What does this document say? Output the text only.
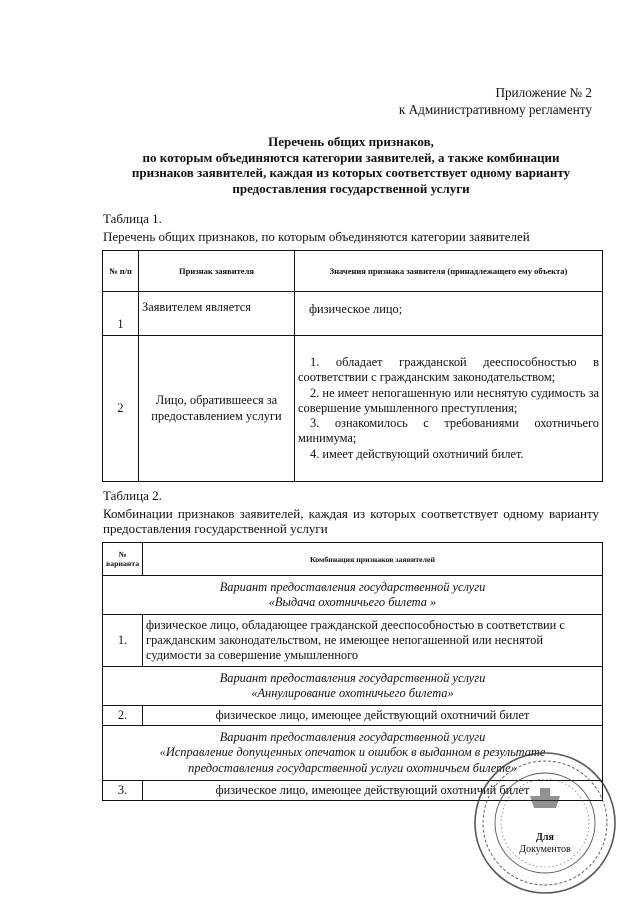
Приложение № 2
к Административному регламенту
Перечень общих признаков,
по которым объединяются категории заявителей, а также комбинации
признаков заявителей, каждая из которых соответствует одному варианту
предоставления государственной услуги
Таблица 1.
Перечень общих признаков, по которым объединяются категории заявителей
№ п/п	Признак заявителя	Значения признака заявителя (принадлежащего ему объекта)
1	Заявителем является	физическое лицо;
2	Лицо, обратившееся за предоставлением услуги	1. обладает гражданской дееспособностью в соответствии с гражданским законодательством;
2. не имеет непогашенную или неснятую судимость за совершение умышленного преступления;
3. ознакомилось с требованиями охотничьего минимума;
4. имеет действующий охотничий билет.
Таблица 2.
Комбинации признаков заявителей, каждая из которых соответствует одному варианту предоставления государственной услуги
№ варианта	Комбинация признаков заявителей

Вариант предоставления государственной услуги
«Выдача охотничьего билета »	

1.	физическое лицо, обладающее гражданской дееспособностью в соответствии с гражданским законодательством, не имеющее непогашенной или неснятой судимости за совершение умышленного

Вариант предоставления государственной услуги
«Аннулирование охотничьего билета»	

2.	физическое лицо, имеющее действующий охотничий билет

Вариант предоставления государственной услуги
«Исправление допущенных опечаток и ошибок в выданном в результате
предоставления государственной услуги охотничьем билете»	

3.	физическое лицо, имеющее действующий охотничий билет
Для
Документов
